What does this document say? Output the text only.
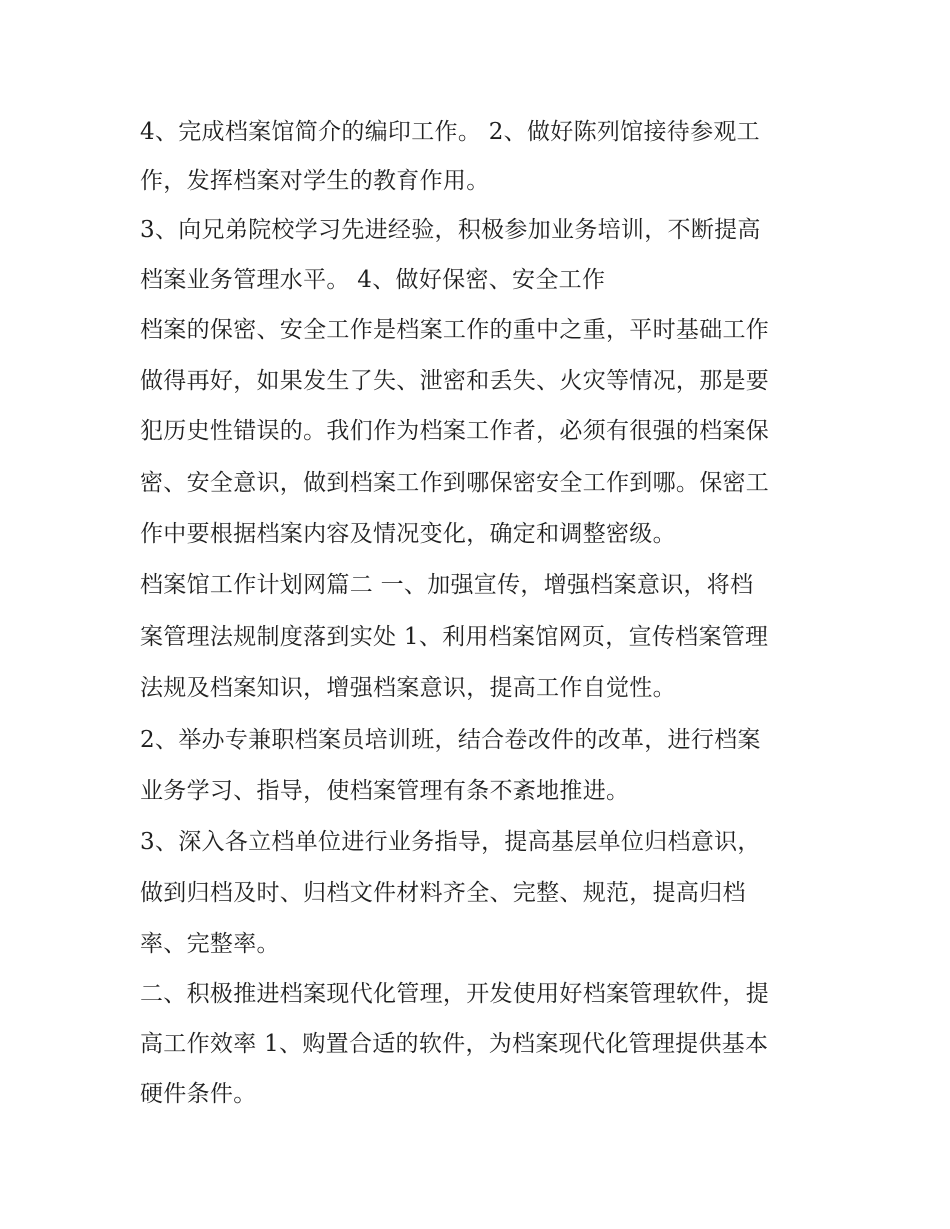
4、完成档案馆简介的编印工作。 2、做好陈列馆接待参观工
作，发挥档案对学生的教育作用。
3、向兄弟院校学习先进经验，积极参加业务培训，不断提高
档案业务管理水平。 4、做好保密、安全工作
档案的保密、安全工作是档案工作的重中之重，平时基础工作
做得再好，如果发生了失、泄密和丢失、火灾等情况，那是要
犯历史性错误的。我们作为档案工作者，必须有很强的档案保
密、安全意识，做到档案工作到哪保密安全工作到哪。保密工
作中要根据档案内容及情况变化，确定和调整密级。
档案馆工作计划网篇二 一、加强宣传，增强档案意识，将档
案管理法规制度落到实处 1、利用档案馆网页，宣传档案管理
法规及档案知识，增强档案意识，提高工作自觉性。
2、举办专兼职档案员培训班，结合卷改件的改革，进行档案
业务学习、指导，使档案管理有条不紊地推进。
3、深入各立档单位进行业务指导，提高基层单位归档意识，
做到归档及时、归档文件材料齐全、完整、规范，提高归档
率、完整率。
二、积极推进档案现代化管理，开发使用好档案管理软件，提
高工作效率 1、购置合适的软件，为档案现代化管理提供基本
硬件条件。
